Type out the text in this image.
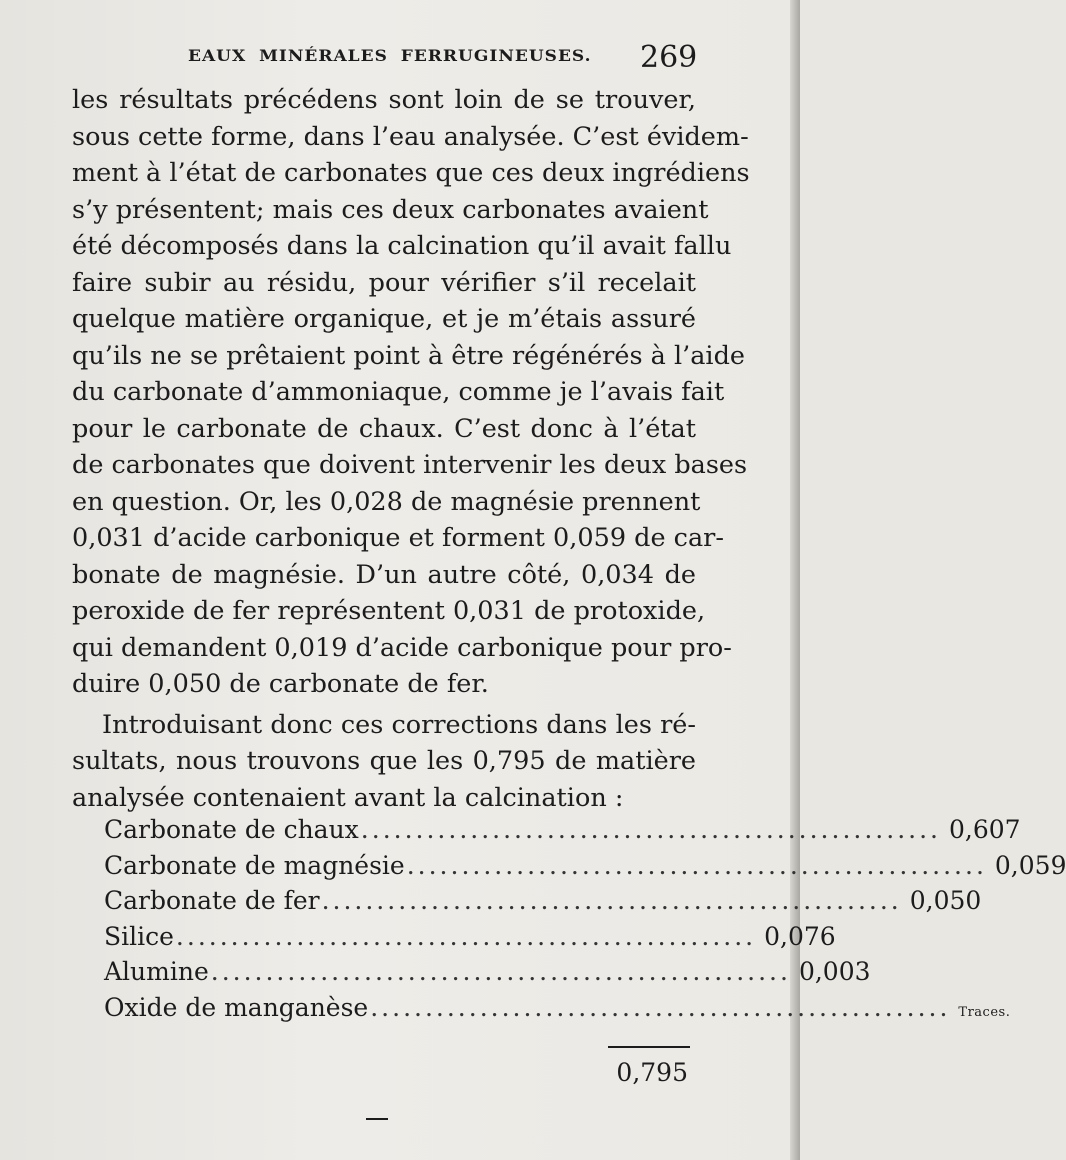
EAUX MINÉRALES FERRUGINEUSES. 269

les résultats précédens sont loin de se trouver,
sous cette forme, dans l’eau analysée. C’est évidem-
ment à l’état de carbonates que ces deux ingrédiens
s’y présentent; mais ces deux carbonates avaient
été décomposés dans la calcination qu’il avait fallu
faire subir au résidu, pour vérifier s’il recelait
quelque matière organique, et je m’étais assuré
qu’ils ne se prêtaient point à être régénérés à l’aide
du carbonate d’ammoniaque, comme je l’avais fait
pour le carbonate de chaux. C’est donc à l’état
de carbonates que doivent intervenir les deux bases
en question. Or, les 0,028 de magnésie prennent
0,031 d’acide carbonique et forment 0,059 de car-
bonate de magnésie. D’un autre côté, 0,034 de
peroxide de fer représentent 0,031 de protoxide,
qui demandent 0,019 d’acide carbonique pour pro-
duire 0,050 de carbonate de fer.

Introduisant donc ces corrections dans les ré-
sultats, nous trouvons que les 0,795 de matière
analysée contenaient avant la calcination :

Carbonate de chaux ..................................................... 0,607
Carbonate de magnésie ..................................................... 0,059
Carbonate de fer ..................................................... 0,050
Silice ..................................................... 0,076
Alumine ..................................................... 0,003
Oxide de manganèse ..................................................... Traces.
0,795
